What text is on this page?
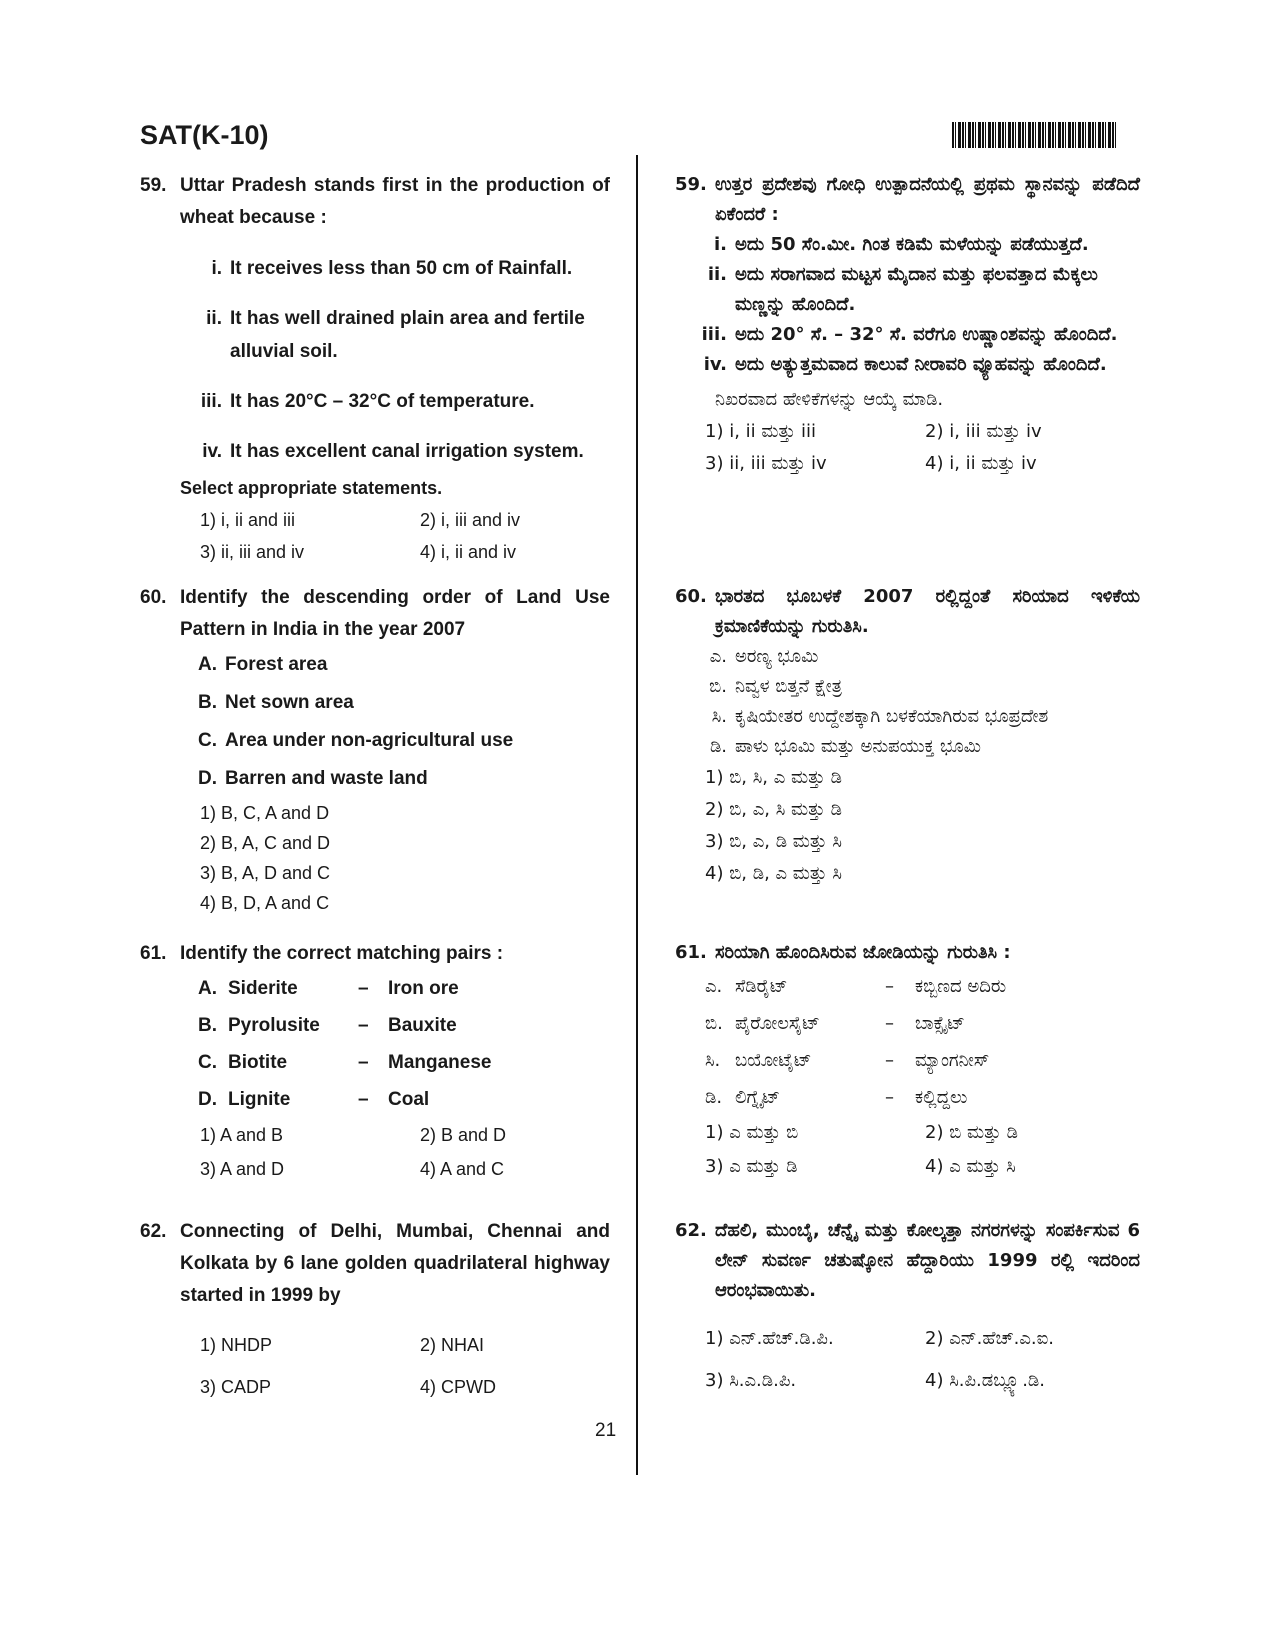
SAT(K-10)
59. Uttar Pradesh stands first in the production of wheat because :
i. It receives less than 50 cm of Rainfall.
ii. It has well drained plain area and fertile alluvial soil.
iii. It has 20°C – 32°C of temperature.
iv. It has excellent canal irrigation system.
Select appropriate statements.
1) i, ii and iii	2) i, iii and iv
3) ii, iii and iv	4) i, ii and iv
60. Identify the descending order of Land Use Pattern in India in the year 2007
A. Forest area
B. Net sown area
C. Area under non-agricultural use
D. Barren and waste land
1) B, C, A and D
2) B, A, C and D
3) B, A, D and C
4) B, D, A and C
61. Identify the correct matching pairs :
A. Siderite	–	Iron ore
B. Pyrolusite	–	Bauxite
C. Biotite	–	Manganese
D. Lignite	–	Coal
1) A and B	2) B and D
3) A and D	4) A and C
62. Connecting of Delhi, Mumbai, Chennai and Kolkata by 6 lane golden quadrilateral highway started in 1999 by
1) NHDP	2) NHAI
3) CADP	4) CPWD
59. ಉತ್ತರ ಪ್ರದೇಶವು ಗೋಧಿ ಉತ್ಪಾದನೆಯಲ್ಲಿ ಪ್ರಥಮ ಸ್ಥಾನವನ್ನು ಪಡೆದಿದೆ ಏಕೆಂದರೆ :
i. ಅದು 50 ಸೆಂ.ಮೀ. ಗಿಂತ ಕಡಿಮೆ ಮಳೆಯನ್ನು ಪಡೆಯುತ್ತದೆ.
ii. ಅದು ಸರಾಗವಾದ ಮಟ್ಟಸ ಮೈದಾನ ಮತ್ತು ಫಲವತ್ತಾದ ಮೆಕ್ಕಲು ಮಣ್ಣನ್ನು ಹೊಂದಿದೆ.
iii. ಅದು 20° ಸೆ. – 32° ಸೆ. ವರೆಗೂ ಉಷ್ಣಾಂಶವನ್ನು ಹೊಂದಿದೆ.
iv. ಅದು ಅತ್ಯುತ್ತಮವಾದ ಕಾಲುವೆ ನೀರಾವರಿ ವ್ಯೂಹವನ್ನು ಹೊಂದಿದೆ.
ನಿಖರವಾದ ಹೇಳಿಕೆಗಳನ್ನು ಆಯ್ಕೆ ಮಾಡಿ.
1) i, ii ಮತ್ತು iii	2) i, iii ಮತ್ತು iv
3) ii, iii ಮತ್ತು iv	4) i, ii ಮತ್ತು iv
60. ಭಾರತದ ಭೂಬಳಕೆ 2007 ರಲ್ಲಿದ್ದಂತೆ ಸರಿಯಾದ ಇಳಿಕೆಯ ಕ್ರಮಾಣಿಕೆಯನ್ನು ಗುರುತಿಸಿ.
ಎ. ಅರಣ್ಯ ಭೂಮಿ
ಬಿ. ನಿವ್ವಳ ಬಿತ್ತನೆ ಕ್ಷೇತ್ರ
ಸಿ. ಕೃಷಿಯೇತರ ಉದ್ದೇಶಕ್ಕಾಗಿ ಬಳಕೆಯಾಗಿರುವ ಭೂಪ್ರದೇಶ
ಡಿ. ಪಾಳು ಭೂಮಿ ಮತ್ತು ಅನುಪಯುಕ್ತ ಭೂಮಿ
1) ಬಿ, ಸಿ, ಎ ಮತ್ತು ಡಿ
2) ಬಿ, ಎ, ಸಿ ಮತ್ತು ಡಿ
3) ಬಿ, ಎ, ಡಿ ಮತ್ತು ಸಿ
4) ಬಿ, ಡಿ, ಎ ಮತ್ತು ಸಿ
61. ಸರಿಯಾಗಿ ಹೊಂದಿಸಿರುವ ಜೋಡಿಯನ್ನು ಗುರುತಿಸಿ :
ಎ. ಸೆಡಿರೈಟ್	–	ಕಬ್ಬಿಣದ ಅದಿರು
ಬಿ. ಪೈರೋಲಸೈಟ್	–	ಬಾಕ್ಸೈಟ್
ಸಿ. ಬಯೋಟೈಟ್	–	ಮ್ಯಾಂಗನೀಸ್
ಡಿ. ಲಿಗ್ನೈಟ್	–	ಕಲ್ಲಿದ್ದಲು
1) ಎ ಮತ್ತು ಬಿ	2) ಬಿ ಮತ್ತು ಡಿ
3) ಎ ಮತ್ತು ಡಿ	4) ಎ ಮತ್ತು ಸಿ
62. ದೆಹಲಿ, ಮುಂಬೈ, ಚೆನ್ನೈ ಮತ್ತು ಕೋಲ್ಕತ್ತಾ ನಗರಗಳನ್ನು ಸಂಪರ್ಕಿಸುವ 6 ಲೇನ್ ಸುವರ್ಣ ಚತುಷ್ಕೋನ ಹೆದ್ದಾರಿಯು 1999 ರಲ್ಲಿ ಇದರಿಂದ ಆರಂಭವಾಯಿತು.
1) ಎನ್.ಹೆಚ್.ಡಿ.ಪಿ.	2) ಎನ್.ಹೆಚ್.ಎ.ಐ.
3) ಸಿ.ಎ.ಡಿ.ಪಿ.	4) ಸಿ.ಪಿ.ಡಬ್ಲ್ಯೂ.ಡಿ.
21
